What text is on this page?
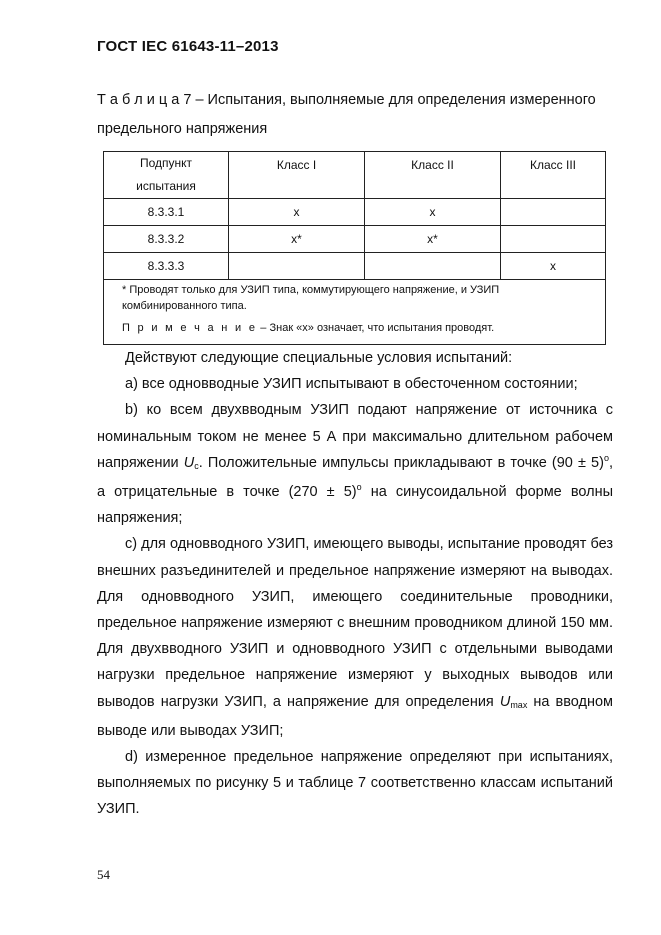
ГОСТ IEC 61643-11–2013
Т а б л и ц а 7 – Испытания, выполняемые для определения измеренного предельного напряжения
Подпункт
испытания	Класс I	Класс II	Класс III
8.3.3.1	x	x	
8.3.3.2	x*	x*	
8.3.3.3			x

* Проводят только для УЗИП типа, коммутирующего напряжение, и УЗИП комбинированного типа.
П р и м е ч а н и е – Знак «x» означает, что испытания проводят.			

Действуют следующие специальные условия испытаний:

а) все одновводные УЗИП испытывают в обесточенном состоянии;

b) ко всем двухвводным УЗИП подают напряжение от источника с номинальным током не менее 5 А при максимально длительном рабочем напряжении $U_c$. Положительные импульсы прикладывают в точке $(90 \pm 5)^o$, а отрицательные в точке $(270 \pm 5)^o$ на синусоидальной форме волны напряжения;

с) для одновводного УЗИП, имеющего выводы, испытание проводят без внешних разъединителей и предельное напряжение измеряют на выводах. Для одновводного УЗИП, имеющего соединительные проводники, предельное напряжение измеряют с внешним проводником длиной 150 мм. Для двухвводного УЗИП и одновводного УЗИП с отдельными выводами нагрузки предельное напряжение измеряют у выходных выводов или выводов нагрузки УЗИП, а напряжение для определения $U_{max}$ на вводном выводе или выводах УЗИП;

d) измеренное предельное напряжение определяют при испытаниях, выполняемых по рисунку 5 и таблице 7 соответственно классам испытаний УЗИП.

54
